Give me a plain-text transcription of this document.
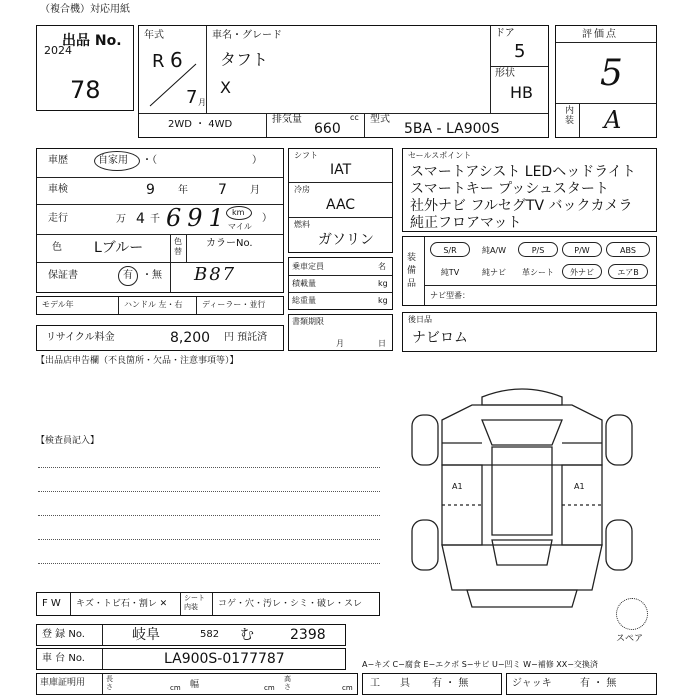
（複合機）対応用紙
出品 No.
2024
78
年式
R 6
7 月
車名・グレード
タフト
X
ドア
5
形状
HB
2WD ・ 4WD	排気量	cc
660
型式
5BA - LA900S
評価点
5
内装 A
車歴	自家用 ・（	）
車検	9 年 7 月
走行	万 4 千 691 km
マイル
）
色 Lブルー	色替
カラーNo.
保証書	有 ・無 B87
モデル年	ハンドル 左・右 ディーラー・並行
リサイクル料金	8,200 円 預託済
シフト
IAT
冷房
AAC
燃料
ガソリン
乗車定員	名
積載量	kg
総重量	kg
書類期限
月	日
セールスポイント
スマートアシスト LEDヘッドライト
スマートキー プッシュスタート
社外ナビ フルセグTV バックカメラ
純正フロアマット
装備品
S/R	純A/W	P/S	P/W	ABS
純TV	純ナビ	革シート	外ナビ	エアB
ナビ型番：
後日品
ナビロム
【出品店申告欄（不良箇所・欠品・注意事項等）】
【検査員記入】
A1	A1
スペア
F W キズ・トビ石・割レ ✕
シート内装	コゲ・穴・汚レ・シミ・破レ・スレ
登 録 No.	岐阜	582 む	2398
車 台 No.	LA900S-0177787
車庫証明用	長さ	cm 幅	cm
高さ	cm
A−キズ C−腐食 E−エクボ S−サビ U−凹ミ W−補修 XX−交換済
工　　具 有 ・ 無	ジャッキ	有 ・ 無
